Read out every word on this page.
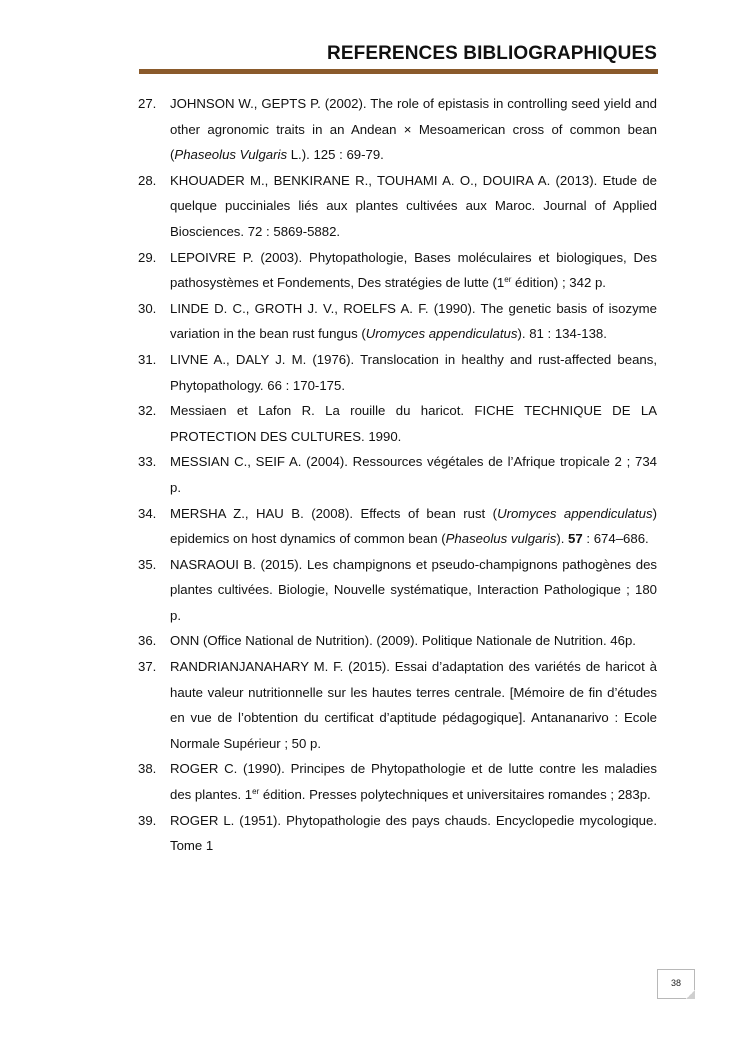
REFERENCES BIBLIOGRAPHIQUES
27. JOHNSON W., GEPTS P. (2002). The role of epistasis in controlling seed yield and other agronomic traits in an Andean × Mesoamerican cross of common bean (Phaseolus Vulgaris L.). 125 : 69-79.
28. KHOUADER M., BENKIRANE R., TOUHAMI A. O., DOUIRA A. (2013). Etude de quelque pucciniales liés aux plantes cultivées aux Maroc. Journal of Applied Biosciences. 72 : 5869-5882.
29. LEPOIVRE P. (2003). Phytopathologie, Bases moléculaires et biologiques, Des pathosystèmes et Fondements, Des stratégies de lutte (1er édition) ; 342 p.
30. LINDE D. C., GROTH J. V., ROELFS A. F. (1990). The genetic basis of isozyme variation in the bean rust fungus (Uromyces appendiculatus). 81 : 134-138.
31. LIVNE A., DALY J. M. (1976). Translocation in healthy and rust-affected beans, Phytopathology. 66 : 170-175.
32. Messiaen et Lafon R. La rouille du haricot. FICHE TECHNIQUE DE LA PROTECTION DES CULTURES. 1990.
33. MESSIAN C., SEIF A. (2004). Ressources végétales de l’Afrique tropicale 2 ; 734 p.
34. MERSHA Z., HAU B. (2008). Effects of bean rust (Uromyces appendiculatus) epidemics on host dynamics of common bean (Phaseolus vulgaris). 57 : 674–686.
35. NASRAOUI B. (2015). Les champignons et pseudo-champignons pathogènes des plantes cultivées. Biologie, Nouvelle systématique, Interaction Pathologique ; 180 p.
36. ONN (Office National de Nutrition). (2009). Politique Nationale de Nutrition. 46p.
37. RANDRIANJANAHARY M. F. (2015). Essai d’adaptation des variétés de haricot à haute valeur nutritionnelle sur les hautes terres centrale. [Mémoire de fin d’études en vue de l’obtention du certificat d’aptitude pédagogique]. Antananarivo : Ecole Normale Supérieur ; 50 p.
38. ROGER C. (1990). Principes de Phytopathologie et de lutte contre les maladies des plantes. 1er édition. Presses polytechniques et universitaires romandes ; 283p.
39. ROGER L. (1951). Phytopathologie des pays chauds. Encyclopedie mycologique. Tome 1
38
